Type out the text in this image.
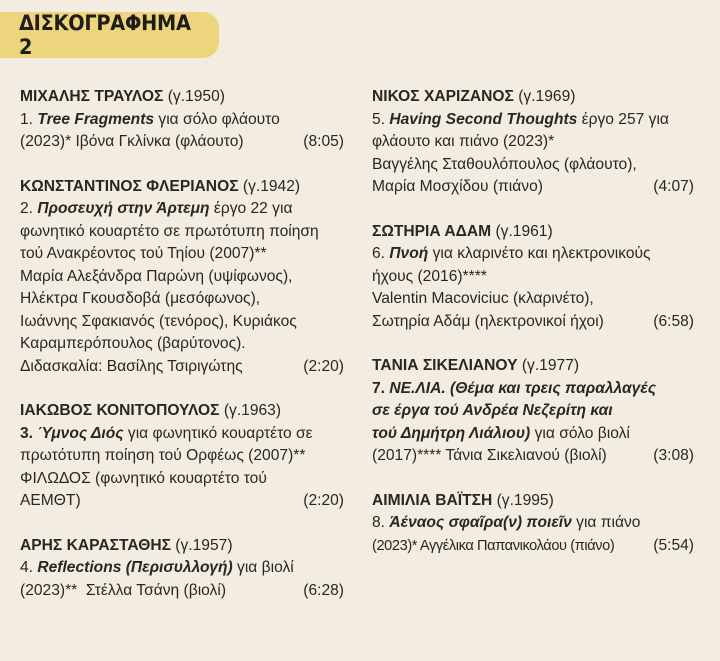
ΔΙΣΚΟΓΡΑΦΗΜΑ 2
ΜΙΧΑΛΗΣ ΤΡΑΥΛΟΣ (γ.1950)
1. Tree Fragments για σόλο φλάουτο
(2023)* Ιβόνα Γκλίνκα (φλάουτο)	(8:05)
ΚΩΝΣΤΑΝΤΙΝΟΣ ΦΛΕΡΙΑΝΟΣ (γ.1942)
2. Προσευχή στην Άρτεμη έργο 22 για
φωνητικό κουαρτέτο σε πρωτότυπη ποίηση
τού Ανακρέοντος τού Τηίου (2007)**
Μαρία Αλεξάνδρα Παρώνη (υψίφωνος),
Ηλέκτρα Γκουσδοβά (μεσόφωνος),
Ιωάννης Σφακιανός (τενόρος), Κυριάκος
Καραμπερόπουλος (βαρύτονος).
Διδασκαλία: Βασίλης Τσιριγώτης	(2:20)
ΙΑΚΩΒΟΣ ΚΟΝΙΤΟΠΟΥΛΟΣ (γ.1963)
3. Ύμνος Διός για φωνητικό κουαρτέτο σε
πρωτότυπη ποίηση τού Ορφέως (2007)**
ΦΙΛΩΔΟΣ (φωνητικό κουαρτέτο τού
ΑΕΜΘΤ)	(2:20)
ΑΡΗΣ ΚΑΡΑΣΤΑΘΗΣ (γ.1957)
4. Reflections (Περισυλλογή) για βιολί
(2023)**  Στέλλα Τσάνη (βιολί)	(6:28)
ΝΙΚΟΣ ΧΑΡΙΖΑΝΟΣ (γ.1969)
5. Having Second Thoughts έργο 257 για
φλάουτο και πιάνο (2023)*
Βαγγέλης Σταθουλόπουλος (φλάουτο),
Μαρία Μοσχίδου (πιάνο)	(4:07)
ΣΩΤΗΡΙΑ ΑΔΑΜ (γ.1961)
6. Πνοή για κλαρινέτο και ηλεκτρονικούς
ήχους (2016)****
Valentin Macoviciuc (κλαρινέτο),
Σωτηρία Αδάμ (ηλεκτρονικοί ήχοι)	(6:58)
ΤΑΝΙΑ ΣΙΚΕΛΙΑΝΟΥ (γ.1977)
7. ΝΕ.ΛΙΑ. (Θέμα και τρεις παραλλαγές
σε έργα τού Ανδρέα Νεζερίτη και
τού Δημήτρη Λιάλιου) για σόλο βιολί
(2017)**** Τάνια Σικελιανού (βιολί)	(3:08)
ΑΙΜΙΛΙΑ ΒΑΪΤΣΗ (γ.1995)
8. Άέναος σφαῖρα(ν) ποιεῖν για πιάνο
(2023)* Αγγέλικα Παπανικολάου (πιάνο) (5:54)
